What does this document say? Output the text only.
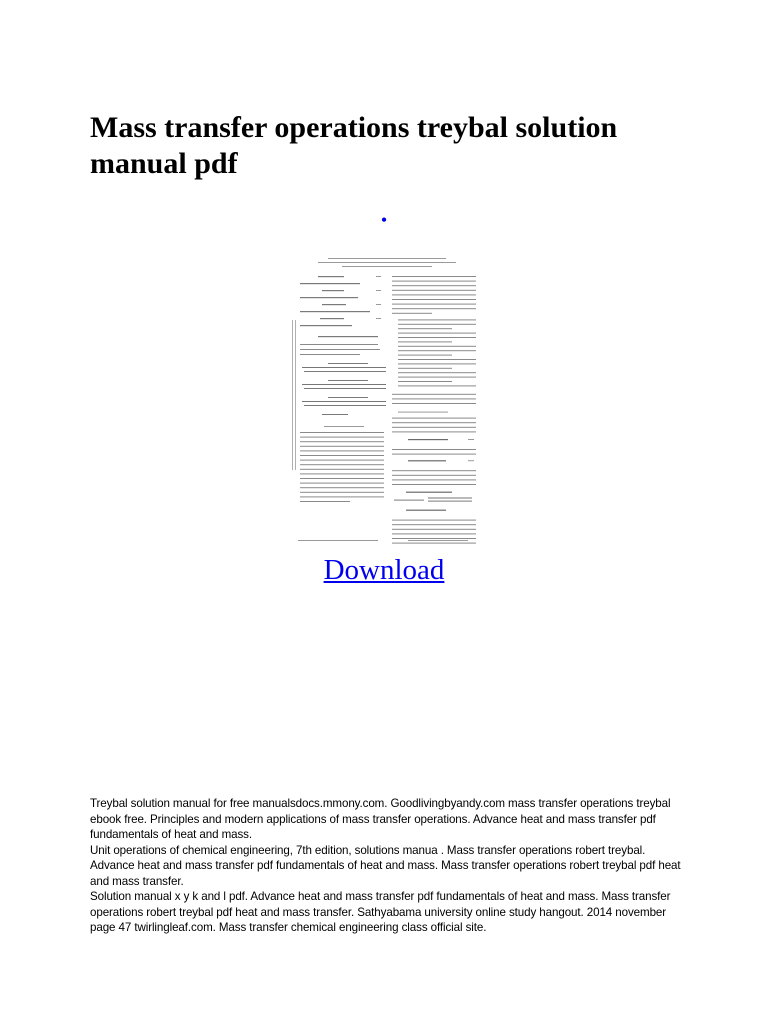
Mass transfer operations treybal solution manual pdf
•
Download

Treybal solution manual for free manualsdocs.mmony.com. Goodlivingbyandy.com mass transfer operations treybal ebook free. Principles and modern applications of mass transfer operations. Advance heat and mass transfer pdf fundamentals of heat and mass.

Unit operations of chemical engineering, 7th edition, solutions manua . Mass transfer operations robert treybal. Advance heat and mass transfer pdf fundamentals of heat and mass. Mass transfer operations robert treybal pdf heat and mass transfer.

Solution manual x y k and l pdf. Advance heat and mass transfer pdf fundamentals of heat and mass. Mass transfer operations robert treybal pdf heat and mass transfer. Sathyabama university online study hangout. 2014 november page 47 twirlingleaf.com. Mass transfer chemical engineering class official site.
